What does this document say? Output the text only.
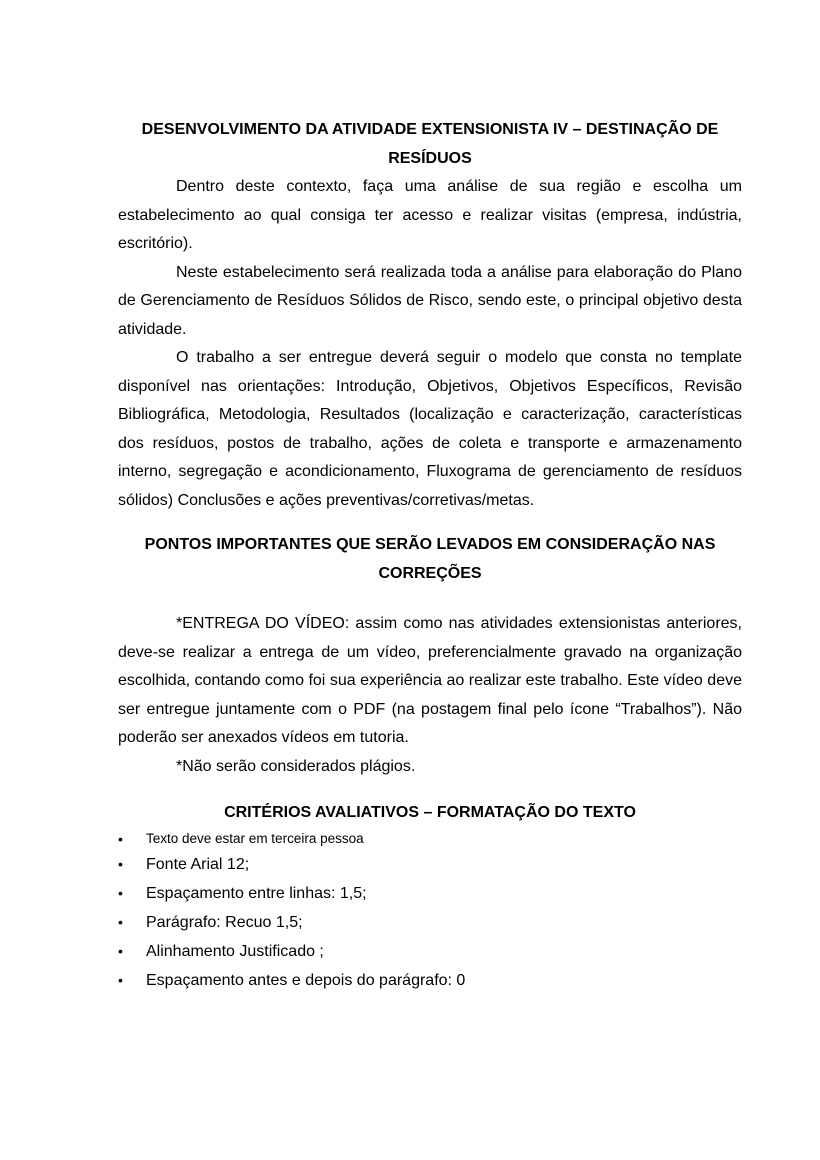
DESENVOLVIMENTO DA ATIVIDADE EXTENSIONISTA IV – DESTINAÇÃO DE RESÍDUOS

Dentro deste contexto, faça uma análise de sua região e escolha um estabelecimento ao qual consiga ter acesso e realizar visitas (empresa, indústria, escritório).

Neste estabelecimento será realizada toda a análise para elaboração do Plano de Gerenciamento de Resíduos Sólidos de Risco, sendo este, o principal objetivo desta atividade.

O trabalho a ser entregue deverá seguir o modelo que consta no template disponível nas orientações: Introdução, Objetivos, Objetivos Específicos, Revisão Bibliográfica, Metodologia, Resultados (localização e caracterização, características dos resíduos, postos de trabalho, ações de coleta e transporte e armazenamento interno, segregação e acondicionamento, Fluxograma de gerenciamento de resíduos sólidos) Conclusões e ações preventivas/corretivas/metas.

PONTOS IMPORTANTES QUE SERÃO LEVADOS EM CONSIDERAÇÃO NAS CORREÇÕES

*ENTREGA DO VÍDEO: assim como nas atividades extensionistas anteriores, deve-se realizar a entrega de um vídeo, preferencialmente gravado na organização escolhida, contando como foi sua experiência ao realizar este trabalho. Este vídeo deve ser entregue juntamente com o PDF (na postagem final pelo ícone “Trabalhos”). Não poderão ser anexados vídeos em tutoria.

*Não serão considerados plágios.

CRITÉRIOS AVALIATIVOS – FORMATAÇÃO DO TEXTO
• Texto deve estar em terceira pessoa
• Fonte Arial 12;
• Espaçamento entre linhas: 1,5;
• Parágrafo: Recuo 1,5;
• Alinhamento Justificado ;
• Espaçamento antes e depois do parágrafo: 0
